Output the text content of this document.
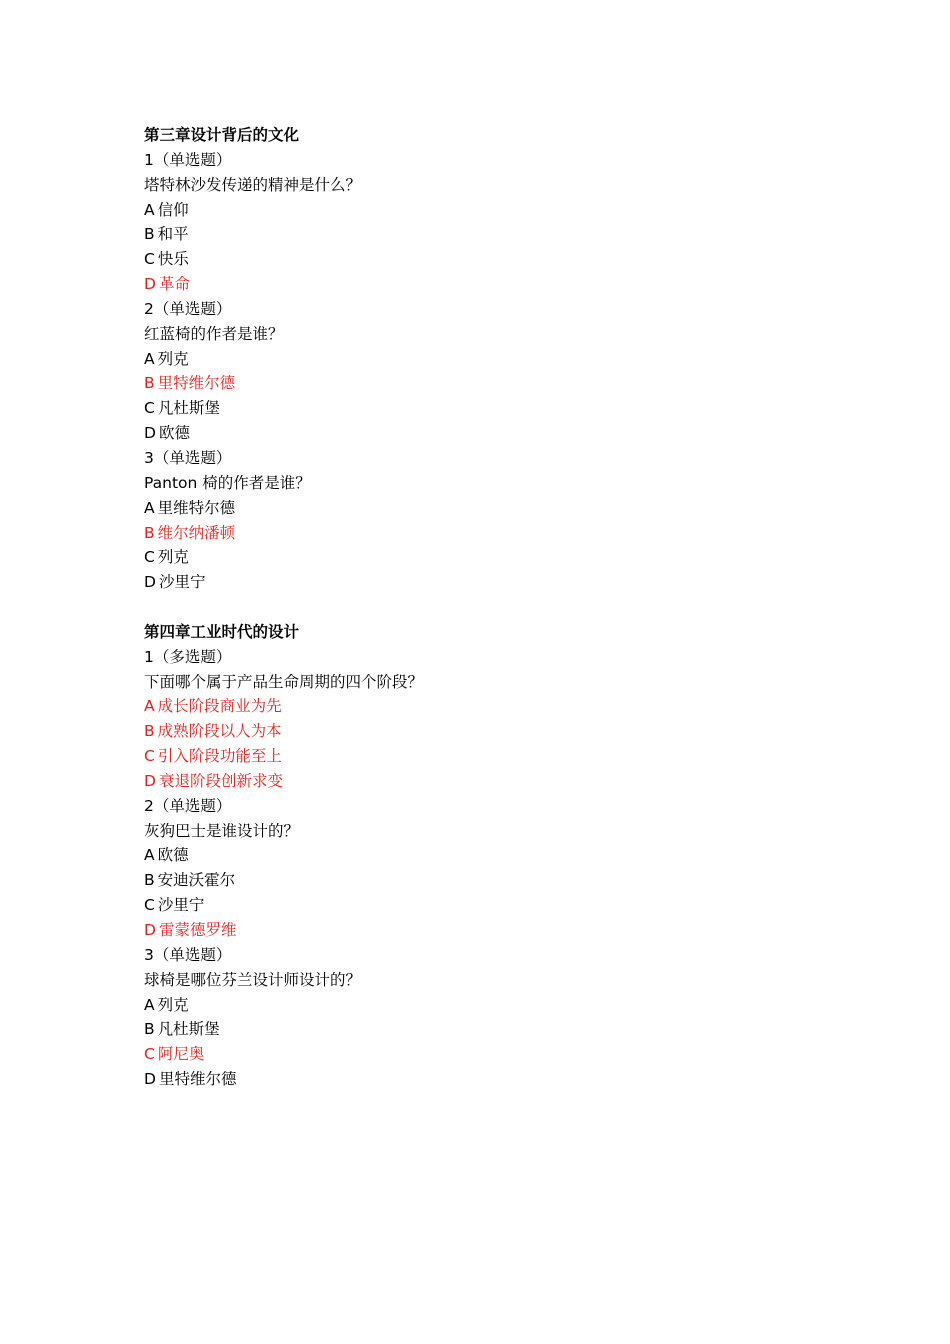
第三章设计背后的文化
1（单选题）
塔特林沙发传递的精神是什么？
A 信仰
B 和平
C 快乐
D 革命
2（单选题）
红蓝椅的作者是谁？
A 列克
B 里特维尔德
C 凡杜斯堡
D 欧德
3（单选题）
Panton 椅的作者是谁？
A 里维特尔德
B 维尔纳潘顿
C 列克
D 沙里宁
第四章工业时代的设计
1（多选题）
下面哪个属于产品生命周期的四个阶段？
A 成长阶段商业为先
B 成熟阶段以人为本
C 引入阶段功能至上
D 衰退阶段创新求变
2（单选题）
灰狗巴士是谁设计的？
A 欧德
B 安迪沃霍尔
C 沙里宁
D 雷蒙德罗维
3（单选题）
球椅是哪位芬兰设计师设计的？
A 列克
B 凡杜斯堡
C 阿尼奥
D 里特维尔德
